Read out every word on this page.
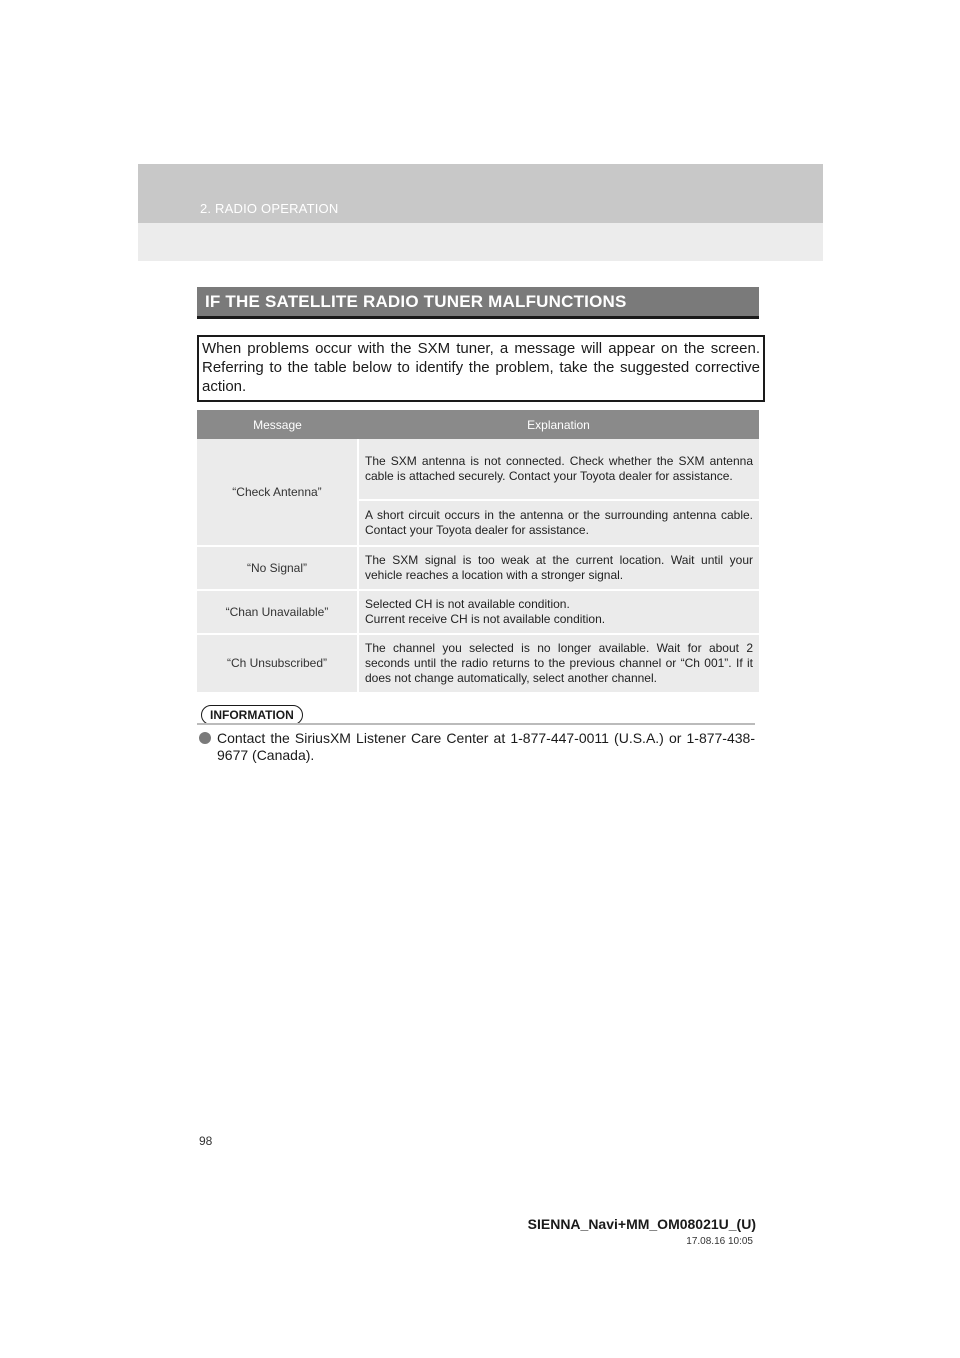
2. RADIO OPERATION
IF THE SATELLITE RADIO TUNER MALFUNCTIONS
When problems occur with the SXM tuner, a message will appear on the screen. Referring to the table below to identify the problem, take the suggested corrective action.
Message	Explanation
“Check Antenna”	The SXM antenna is not connected. Check whether the SXM antenna cable is attached securely. Contact your Toyota dealer for assistance.
	A short circuit occurs in the antenna or the surrounding antenna cable. Contact your Toyota dealer for assistance.
“No Signal”	The SXM signal is too weak at the current location. Wait until your vehicle reaches a location with a stronger signal.
“Chan Unavailable”	Selected CH is not available condition.
Current receive CH is not available condition.
“Ch Unsubscribed”	The channel you selected is no longer available. Wait for about 2 seconds until the radio returns to the previous channel or “Ch 001”. If it does not change automatically, select another channel.
INFORMATION
Contact the SiriusXM Listener Care Center at 1-877-447-0011 (U.S.A.) or 1-877-438-9677 (Canada).
98
SIENNA_Navi+MM_OM08021U_(U)
17.08.16 10:05
